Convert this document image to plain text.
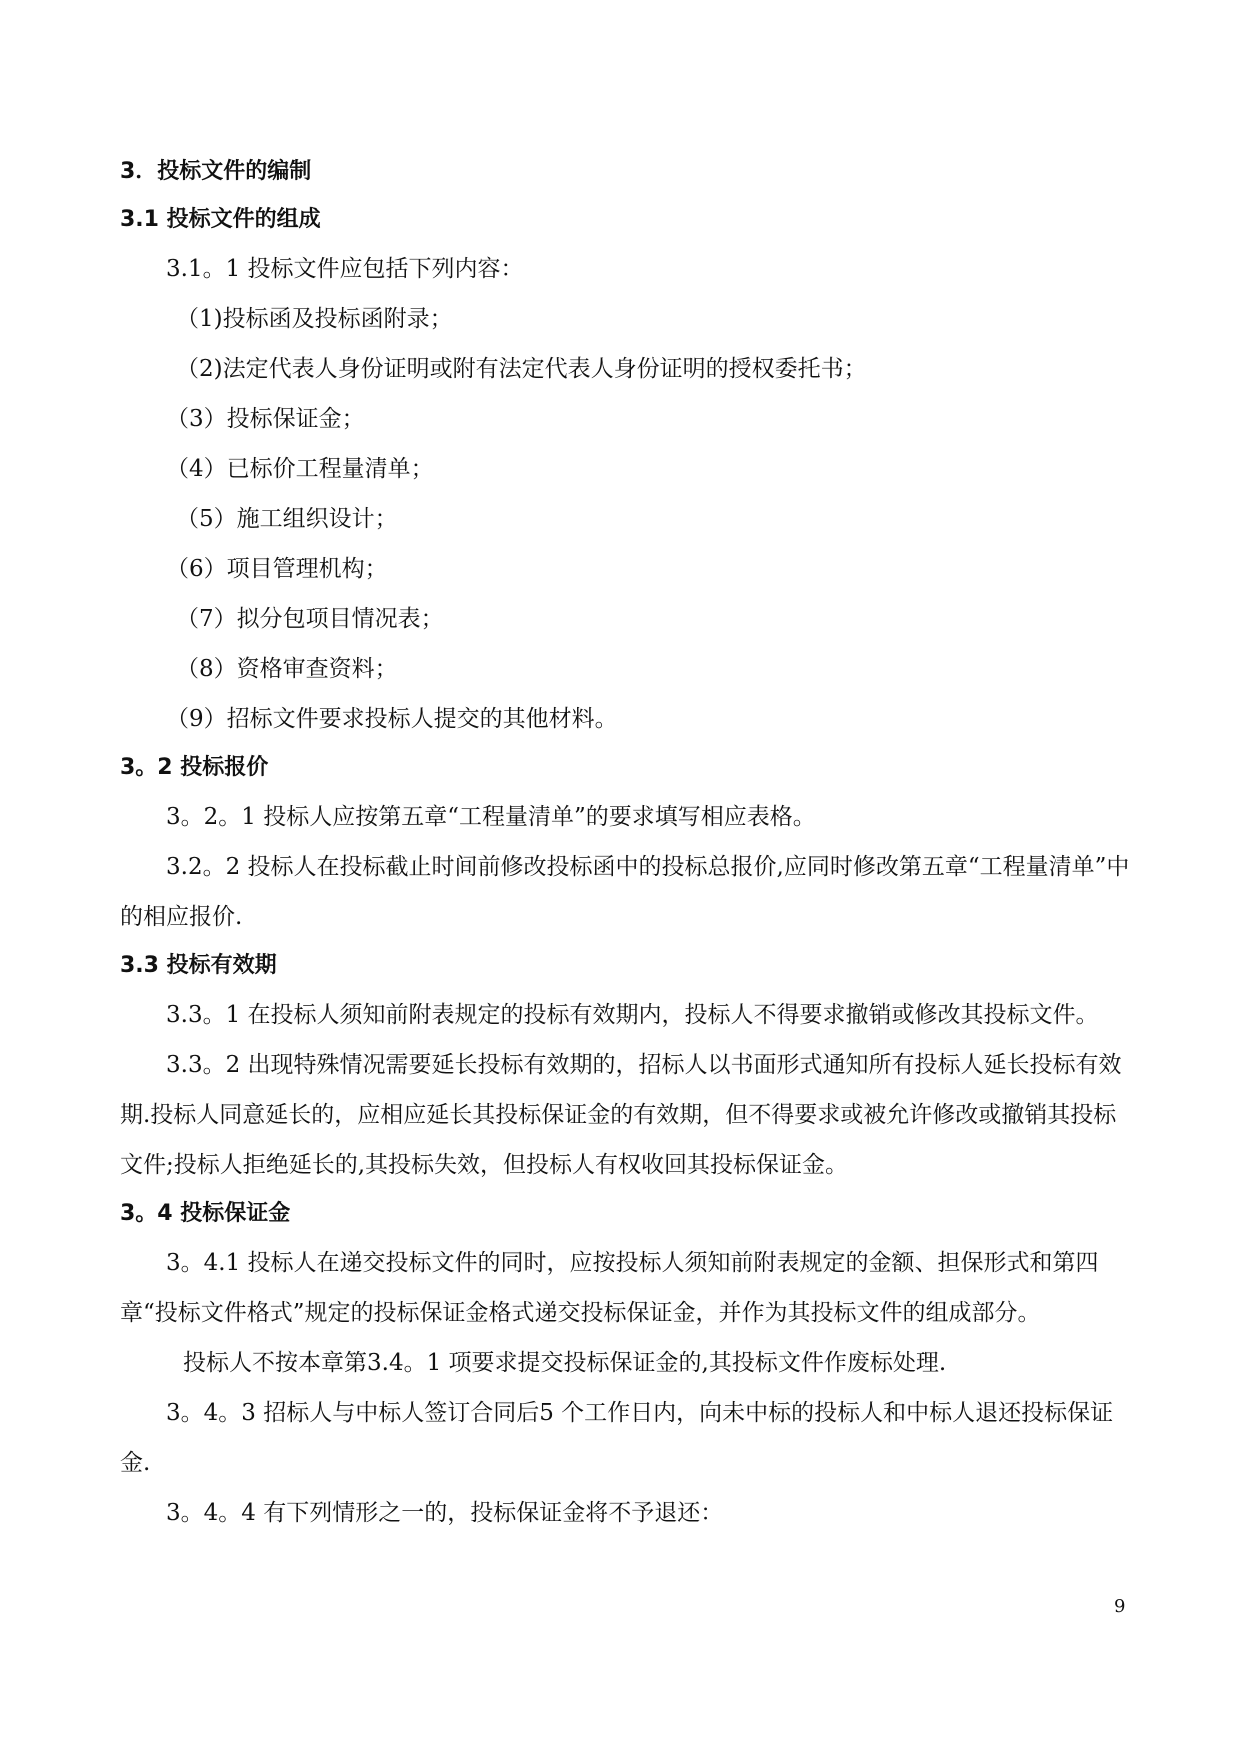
3．投标文件的编制
3.1 投标文件的组成
3.1。1 投标文件应包括下列内容：
（1)投标函及投标函附录；
（2)法定代表人身份证明或附有法定代表人身份证明的授权委托书；
（3）投标保证金；
（4）已标价工程量清单；
（5）施工组织设计；
（6）项目管理机构；
（7）拟分包项目情况表；
（8）资格审查资料；
（9）招标文件要求投标人提交的其他材料。
3。2 投标报价
3。2。1 投标人应按第五章“工程量清单”的要求填写相应表格。
3.2。2 投标人在投标截止时间前修改投标函中的投标总报价,应同时修改第五章“工程量清单”中的相应报价.
3.3 投标有效期
3.3。1 在投标人须知前附表规定的投标有效期内，投标人不得要求撤销或修改其投标文件。
3.3。2 出现特殊情况需要延长投标有效期的，招标人以书面形式通知所有投标人延长投标有效期.投标人同意延长的，应相应延长其投标保证金的有效期，但不得要求或被允许修改或撤销其投标文件;投标人拒绝延长的,其投标失效，但投标人有权收回其投标保证金。
3。4 投标保证金
3。4.1 投标人在递交投标文件的同时，应按投标人须知前附表规定的金额、担保形式和第四章“投标文件格式”规定的投标保证金格式递交投标保证金，并作为其投标文件的组成部分。
投标人不按本章第3.4。1 项要求提交投标保证金的,其投标文件作废标处理.
3。4。3 招标人与中标人签订合同后5 个工作日内，向未中标的投标人和中标人退还投标保证金.
3。4。4 有下列情形之一的，投标保证金将不予退还：
9
